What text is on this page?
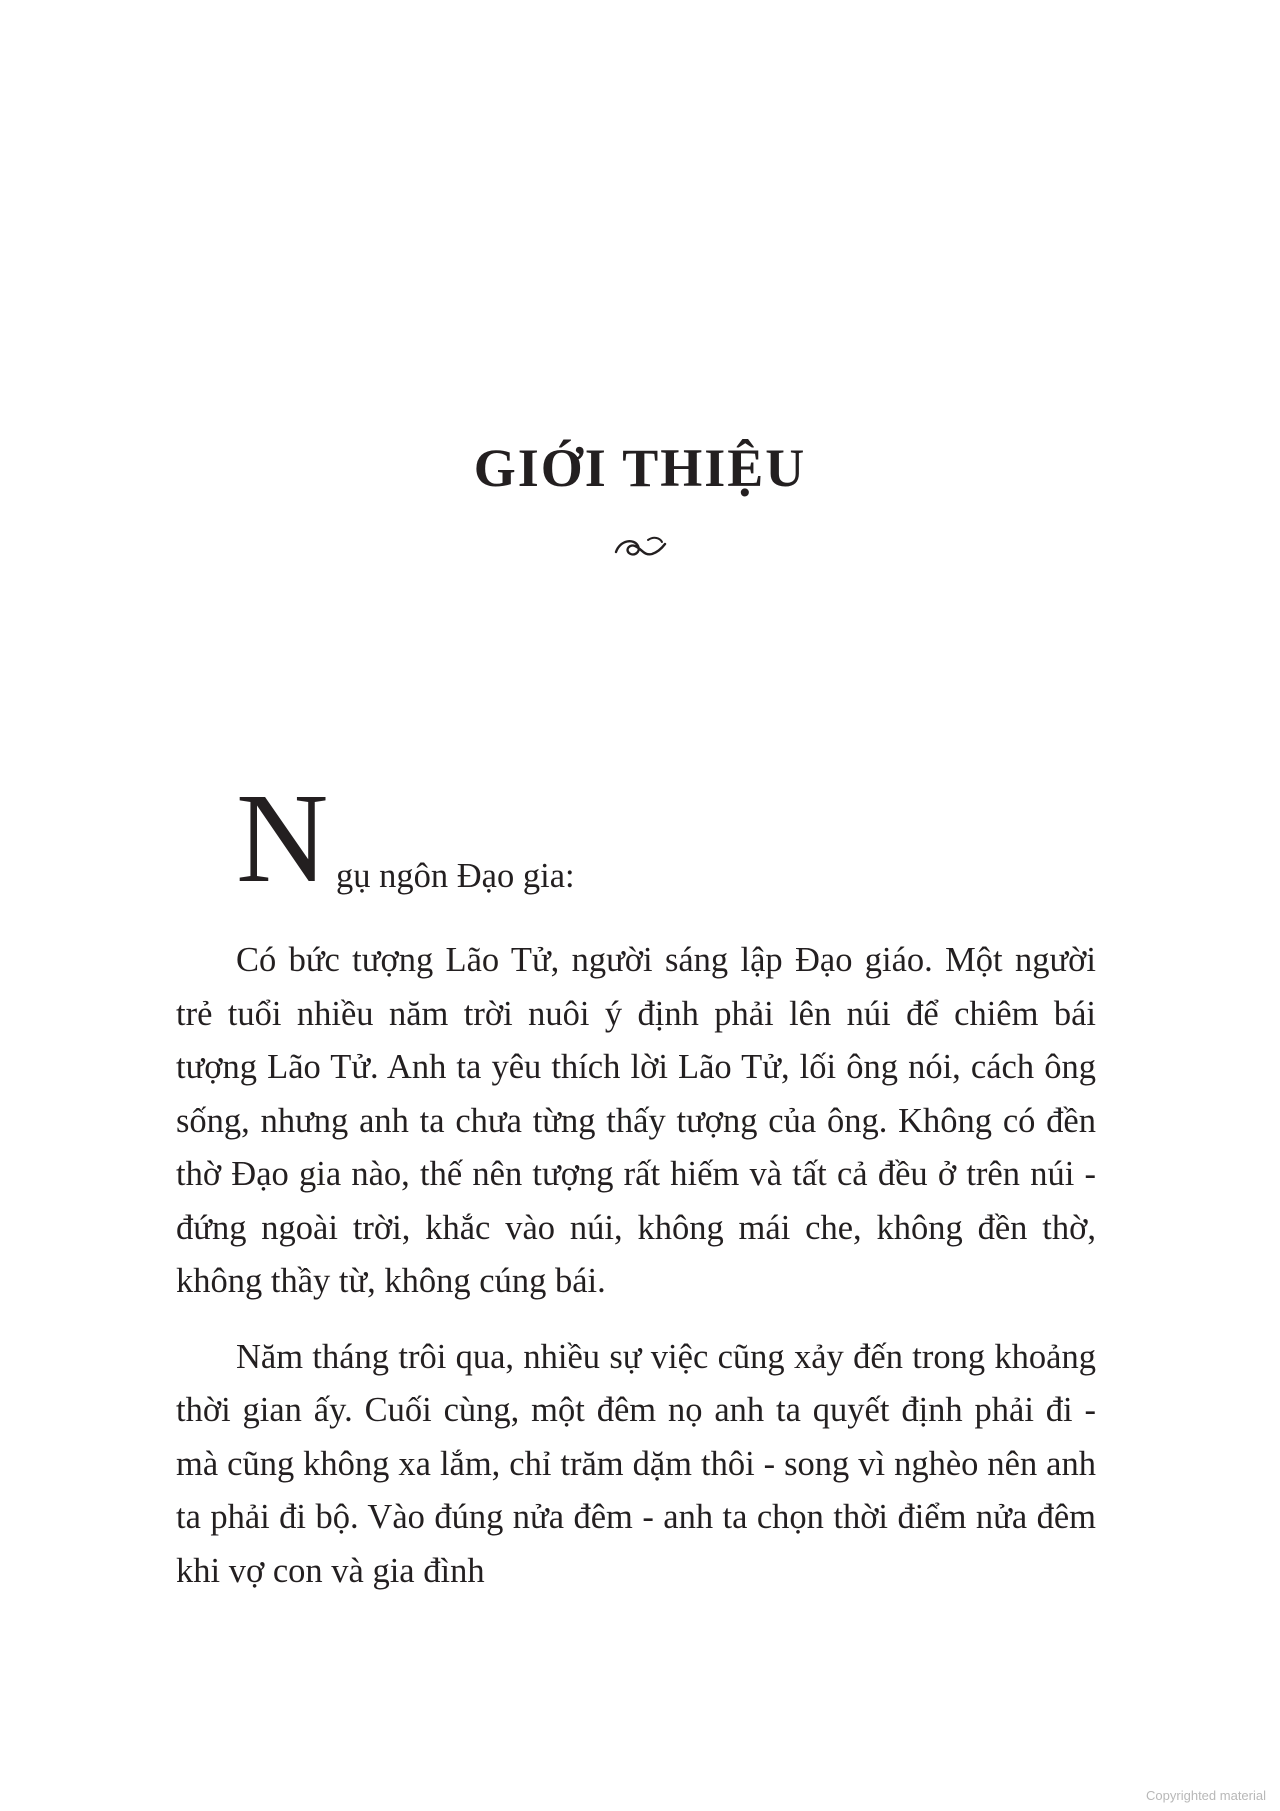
GIỚI THIỆU
N gụ ngôn Đạo gia:

Có bức tượng Lão Tử, người sáng lập Đạo giáo. Một người trẻ tuổi nhiều năm trời nuôi ý định phải lên núi để chiêm bái tượng Lão Tử. Anh ta yêu thích lời Lão Tử, lối ông nói, cách ông sống, nhưng anh ta chưa từng thấy tượng của ông. Không có đền thờ Đạo gia nào, thế nên tượng rất hiếm và tất cả đều ở trên núi - đứng ngoài trời, khắc vào núi, không mái che, không đền thờ, không thầy từ, không cúng bái.

Năm tháng trôi qua, nhiều sự việc cũng xảy đến trong khoảng thời gian ấy. Cuối cùng, một đêm nọ anh ta quyết định phải đi - mà cũng không xa lắm, chỉ trăm dặm thôi - song vì nghèo nên anh ta phải đi bộ. Vào đúng nửa đêm - anh ta chọn thời điểm nửa đêm khi vợ con và gia đình

Copyrighted material
